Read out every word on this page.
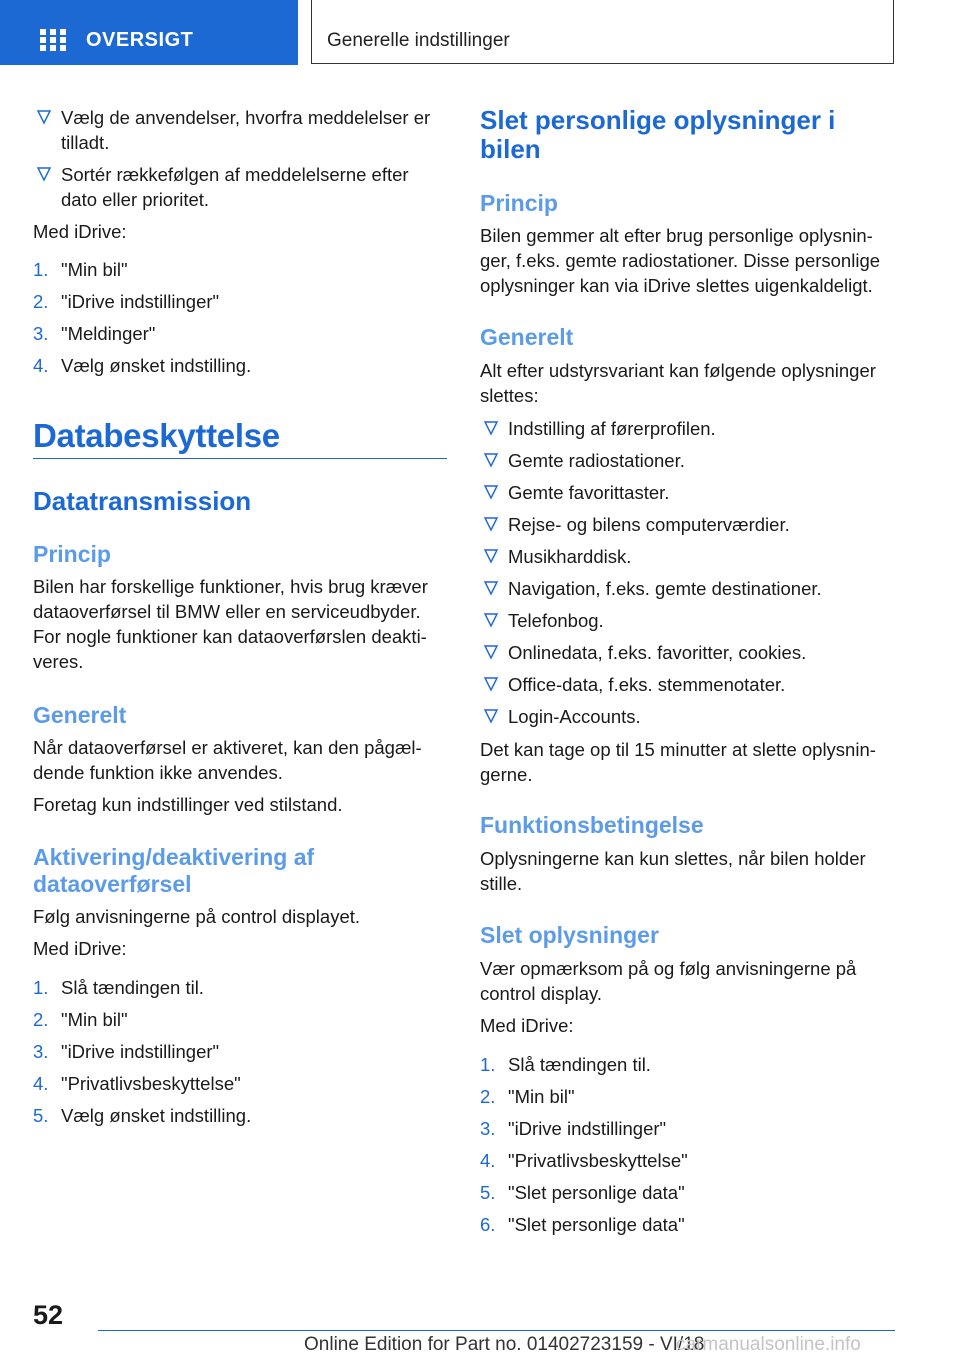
OVERSIGT	Generelle indstillinger
Vælg de anvendelser, hvorfra meddelelser er
tilladt.
Sortér rækkefølgen af meddelelserne efter
dato eller prioritet.

Med iDrive:

1. "Min bil"
2. "iDrive indstillinger"
3. "Meldinger"
4. Vælg ønsket indstilling.
Databeskyttelse
Datatransmission
Princip

Bilen har forskellige funktioner, hvis brug kræver

dataoverførsel til BMW eller en serviceudbyder.

For nogle funktioner kan dataoverførslen deakti-

veres.

Generelt

Når dataoverførsel er aktiveret, kan den pågæl-

dende funktion ikke anvendes.

Foretag kun indstillinger ved stilstand.

Aktivering/deaktivering af
dataoverførsel

Følg anvisningerne på control displayet.

Med iDrive:

1. Slå tændingen til.
2. "Min bil"
3. "iDrive indstillinger"
4. "Privatlivsbeskyttelse"
5. Vælg ønsket indstilling.
Slet personlige oplysninger i
bilen
Princip

Bilen gemmer alt efter brug personlige oplysnin-

ger, f.eks. gemte radiostationer. Disse personlige

oplysninger kan via iDrive slettes uigenkaldeligt.

Generelt

Alt efter udstyrsvariant kan følgende oplysninger

slettes:

Indstilling af førerprofilen.
Gemte radiostationer.
Gemte favorittaster.
Rejse- og bilens computerværdier.
Musikharddisk.
Navigation, f.eks. gemte destinationer.
Telefonbog.
Onlinedata, f.eks. favoritter, cookies.
Office-data, f.eks. stemmenotater.
Login-Accounts.

Det kan tage op til 15 minutter at slette oplysnin-

gerne.

Funktionsbetingelse

Oplysningerne kan kun slettes, når bilen holder

stille.

Slet oplysninger

Vær opmærksom på og følg anvisningerne på

control display.

Med iDrive:

1. Slå tændingen til.
2. "Min bil"
3. "iDrive indstillinger"
4. "Privatlivsbeskyttelse"
5. "Slet personlige data"
6. "Slet personlige data"
52
Online Edition for Part no. 01402723159 - VI/18
carmanualsonline.info
